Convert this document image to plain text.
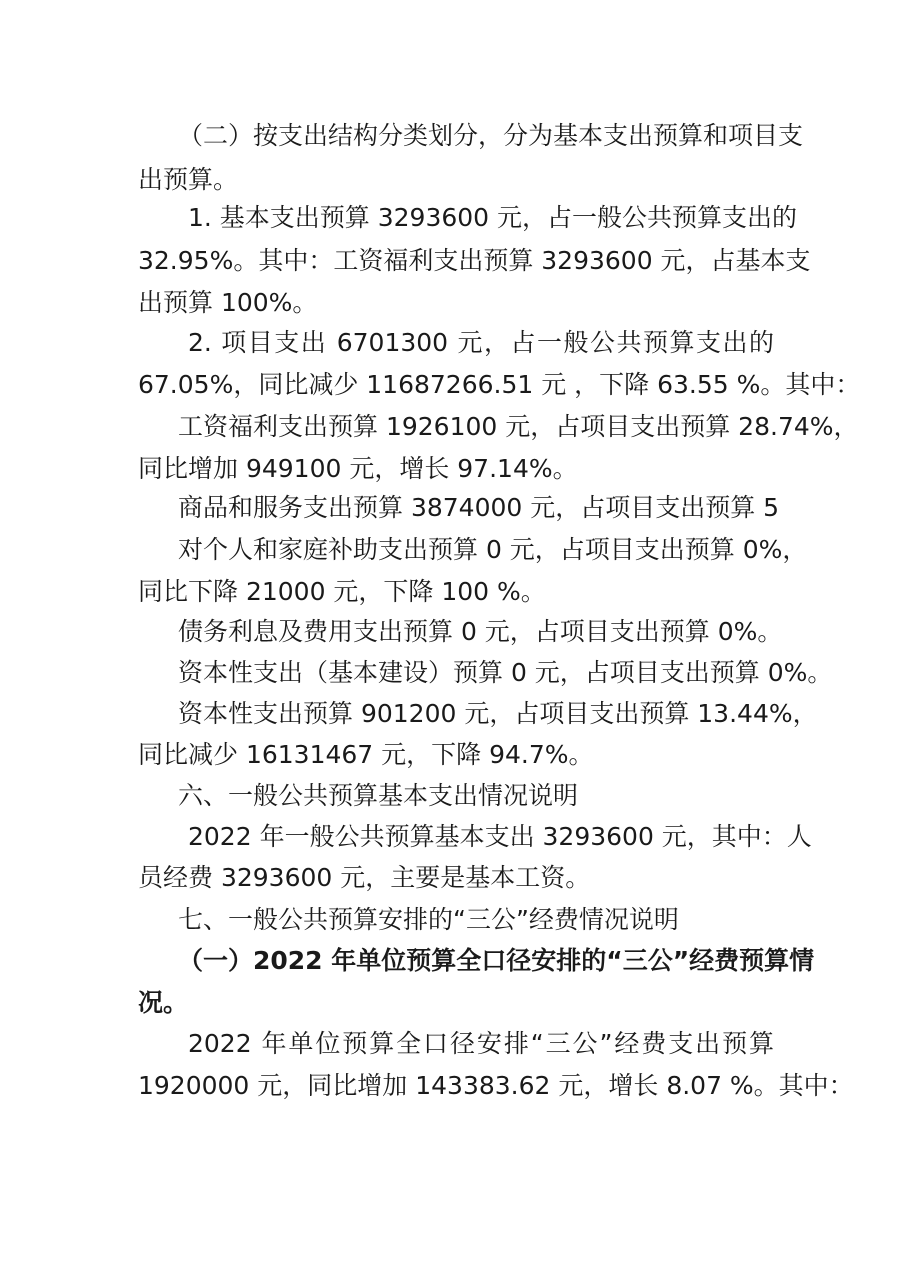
（二）按支出结构分类划分，分为基本支出预算和项目支
出预算。
1. 基本支出预算 3293600 元，占一般公共预算支出的
32.95%。其中：工资福利支出预算 3293600 元，占基本支
出预算 100%。
2. 项目支出 6701300 元，占一般公共预算支出的
67.05%，同比减少 11687266.51 元 ，下降 63.55 %。其中：
工资福利支出预算 1926100 元，占项目支出预算 28.74%，
同比增加 949100 元，增长 97.14%。
商品和服务支出预算 3874000 元，占项目支出预算 5
对个人和家庭补助支出预算 0 元，占项目支出预算 0%，
同比下降 21000 元，下降 100 %。
债务利息及费用支出预算 0 元，占项目支出预算 0%。
资本性支出（基本建设）预算 0 元，占项目支出预算 0%。
资本性支出预算 901200 元，占项目支出预算 13.44%，
同比减少 16131467 元，下降 94.7%。
六、一般公共预算基本支出情况说明
2022 年一般公共预算基本支出 3293600 元，其中：人
员经费 3293600 元，主要是基本工资。
七、一般公共预算安排的“三公”经费情况说明
（一）2022 年单位预算全口径安排的“三公”经费预算情
况。
2022 年单位预算全口径安排“三公”经费支出预算
1920000 元，同比增加 143383.62 元，增长 8.07 %。其中：
